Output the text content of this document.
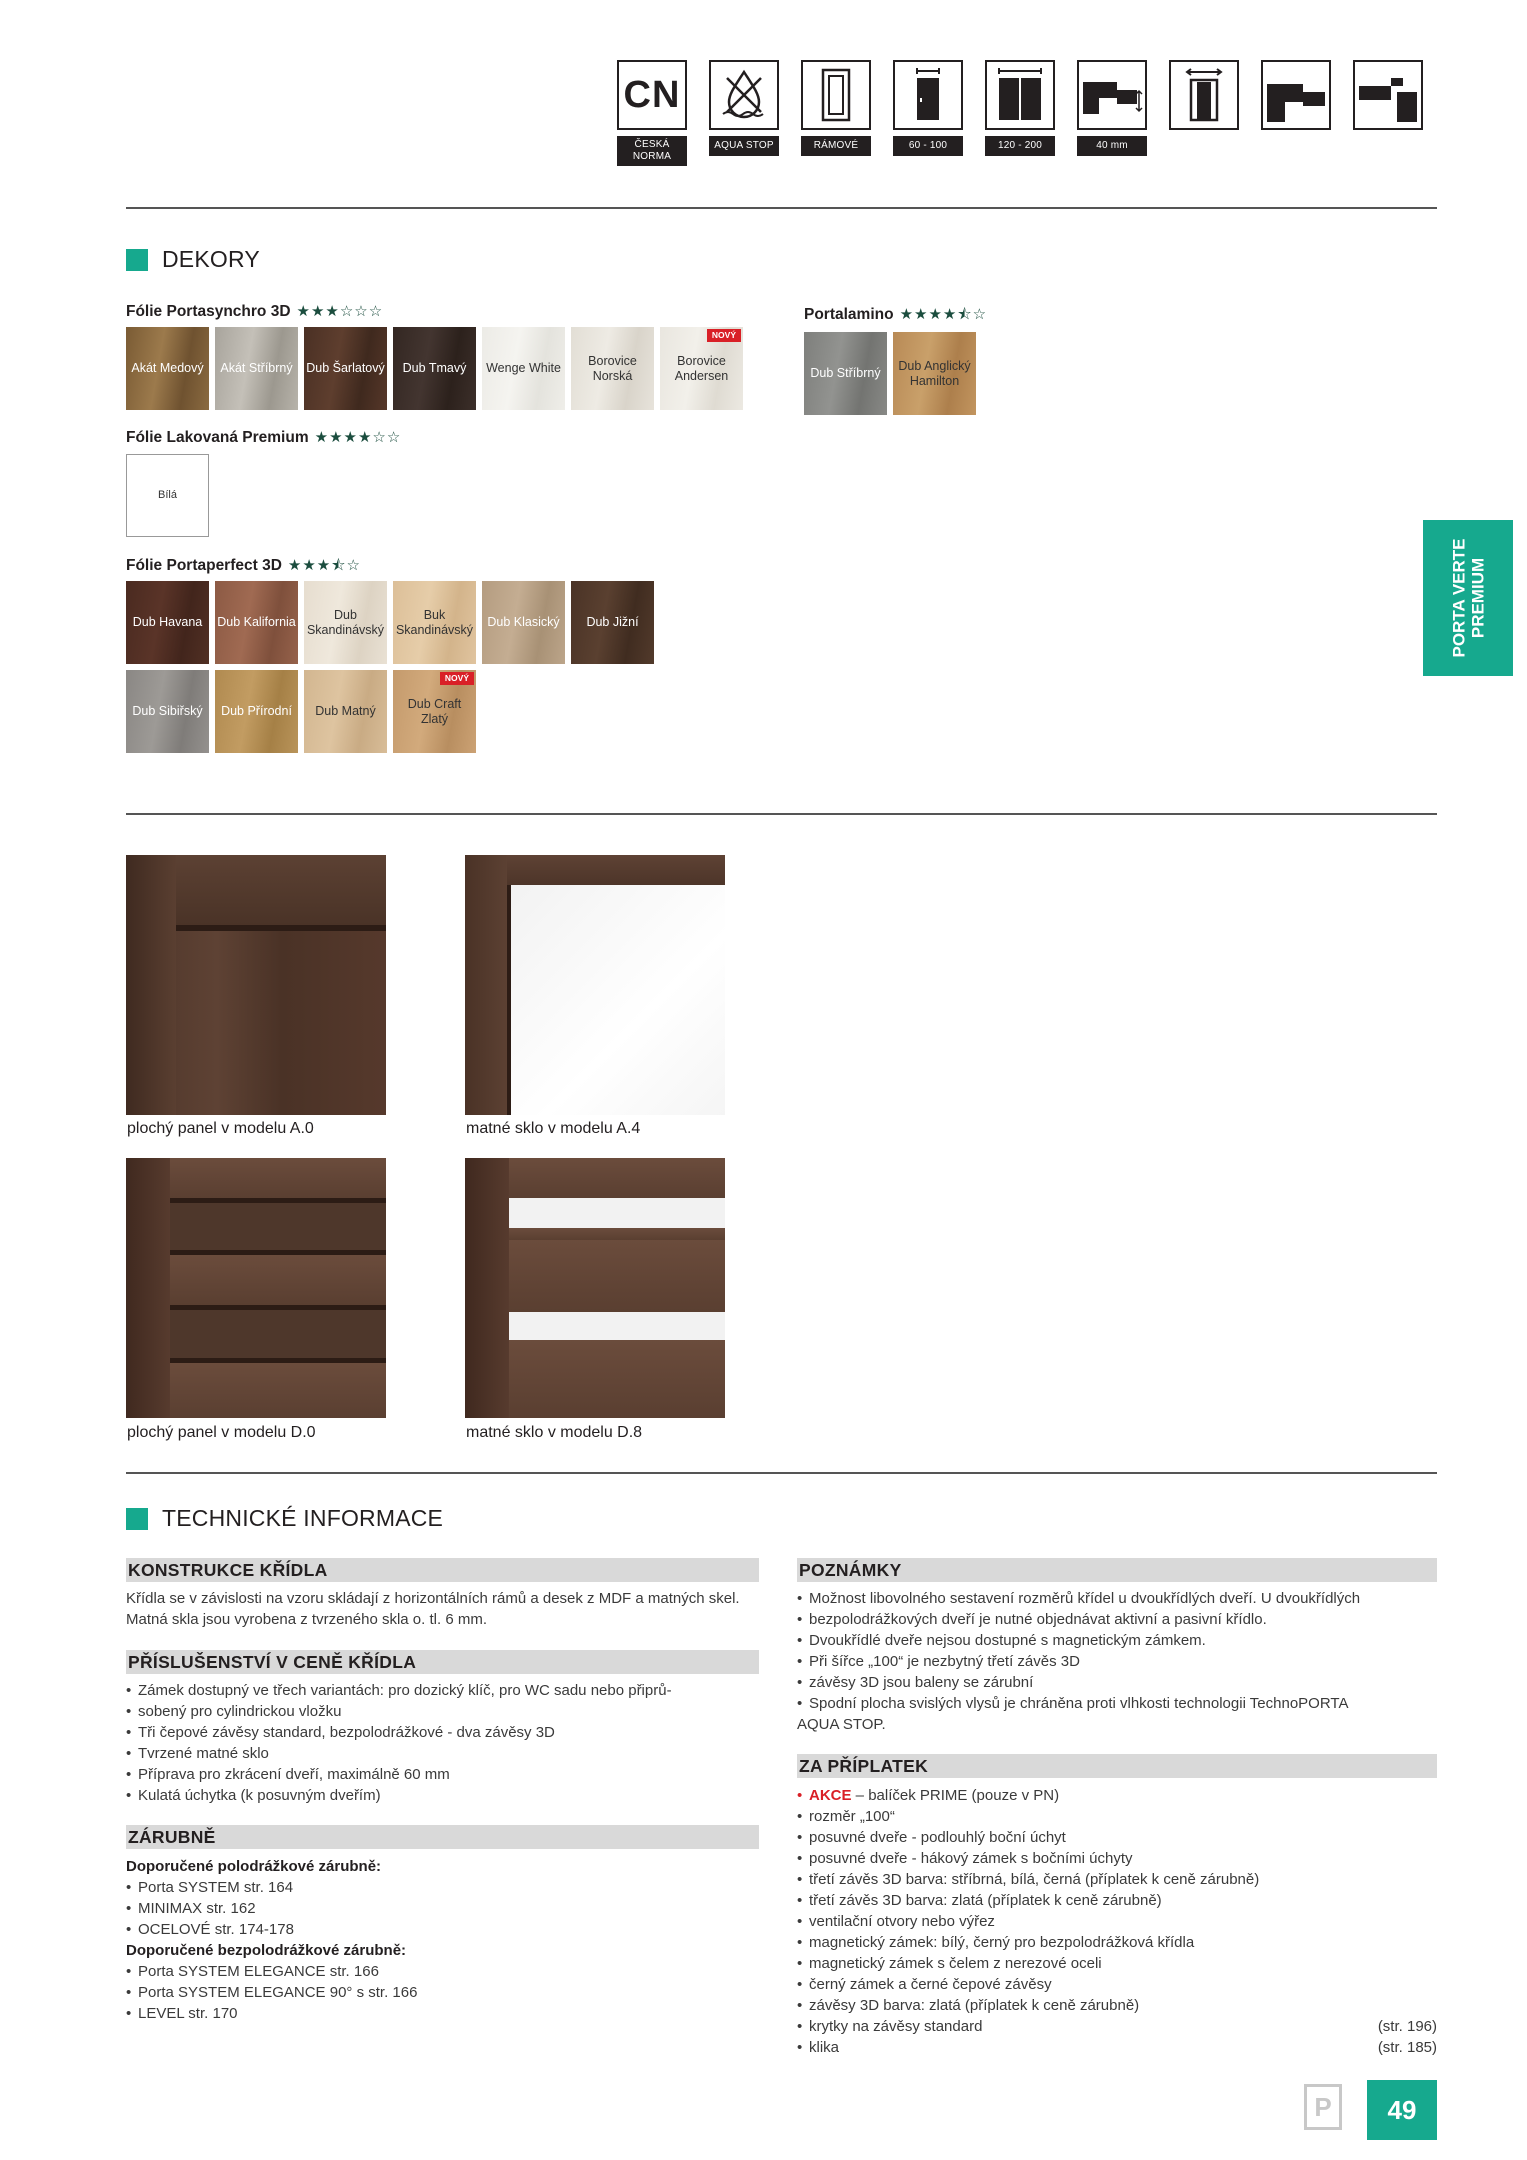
CN
ČESKÁ NORMA
AQUA STOP	RÁMOVÉ	60 - 100	120 - 200	40 mm
DEKORY
Fólie Portasynchro 3D ★★★☆☆☆
Akát Medový Akát Stříbrný Dub Šarlatový Dub Tmavý Wenge White
Borovice Norská
Borovice Andersen
NOVÝ
Portalamino ★★★★⯪☆
Dub Stříbrný
Dub Anglický Hamilton
Fólie Lakovaná Premium ★★★★☆☆
Bílá
Fólie Portaperfect 3D ★★★⯪☆
Dub Havana Dub Kalifornia
Dub Skandinávský
Buk Skandinávský
Dub Klasický Dub Jižní
Dub Sibiřský Dub Přírodní Dub Matný
Dub Craft Zlatý
NOVÝ
PORTA VERTE
PREMIUM
plochý panel v modelu A.0	matné sklo v modelu A.4
plochý panel v modelu D.0	matné sklo v modelu D.8
TECHNICKÉ INFORMACE
KONSTRUKCE KŘÍDLA
Křídla se v závislosti na vzoru skládají z horizontálních rámů a desek z MDF a matných skel.
Matná skla jsou vyrobena z tvrzeného skla o. tl. 6 mm.
PŘÍSLUŠENSTVÍ V CENĚ KŘÍDLA
• Zámek dostupný ve třech variantách: pro dozický klíč, pro WC sadu nebo připrů-
• sobený pro cylindrickou vložku
• Tři čepové závěsy standard, bezpolodrážkové - dva závěsy 3D
• Tvrzené matné sklo
• Příprava pro zkrácení dveří, maximálně 60 mm
• Kulatá úchytka (k posuvným dveřím)
ZÁRUBNĚ
Doporučené polodrážkové zárubně:
• Porta SYSTEM str. 164
• MINIMAX str. 162
• OCELOVÉ str. 174-178
Doporučené bezpolodrážkové zárubně:
• Porta SYSTEM ELEGANCE str. 166
• Porta SYSTEM ELEGANCE 90° s str. 166
• LEVEL str. 170
POZNÁMKY
• Možnost libovolného sestavení rozměrů křídel u dvoukřídlých dveří. U dvoukřídlých
• bezpolodrážkových dveří je nutné objednávat aktivní a pasivní křídlo.
• Dvoukřídlé dveře nejsou dostupné s magnetickým zámkem.
• Při šířce „100“ je nezbytný třetí závěs 3D
• závěsy 3D jsou baleny se zárubní
• Spodní plocha svislých vlysů je chráněna proti vlhkosti technologii TechnoPORTA
AQUA STOP.
ZA PŘÍPLATEK
• AKCE – balíček PRIME (pouze v PN)
• rozměr „100“
• posuvné dveře - podlouhlý boční úchyt
• posuvné dveře - hákový zámek s bočními úchyty
• třetí závěs 3D barva: stříbrná, bílá, černá (příplatek k ceně zárubně)
• třetí závěs 3D barva: zlatá (příplatek k ceně zárubně)
• ventilační otvory nebo výřez
• magnetický zámek: bílý, černý pro bezpolodrážková křídla
• magnetický zámek s čelem z nerezové oceli
• černý zámek a černé čepové závěsy
• závěsy 3D barva: zlatá (příplatek k ceně zárubně)
• krytky na závěsy standard	(str. 196)
• klika	(str. 185)
P	49
